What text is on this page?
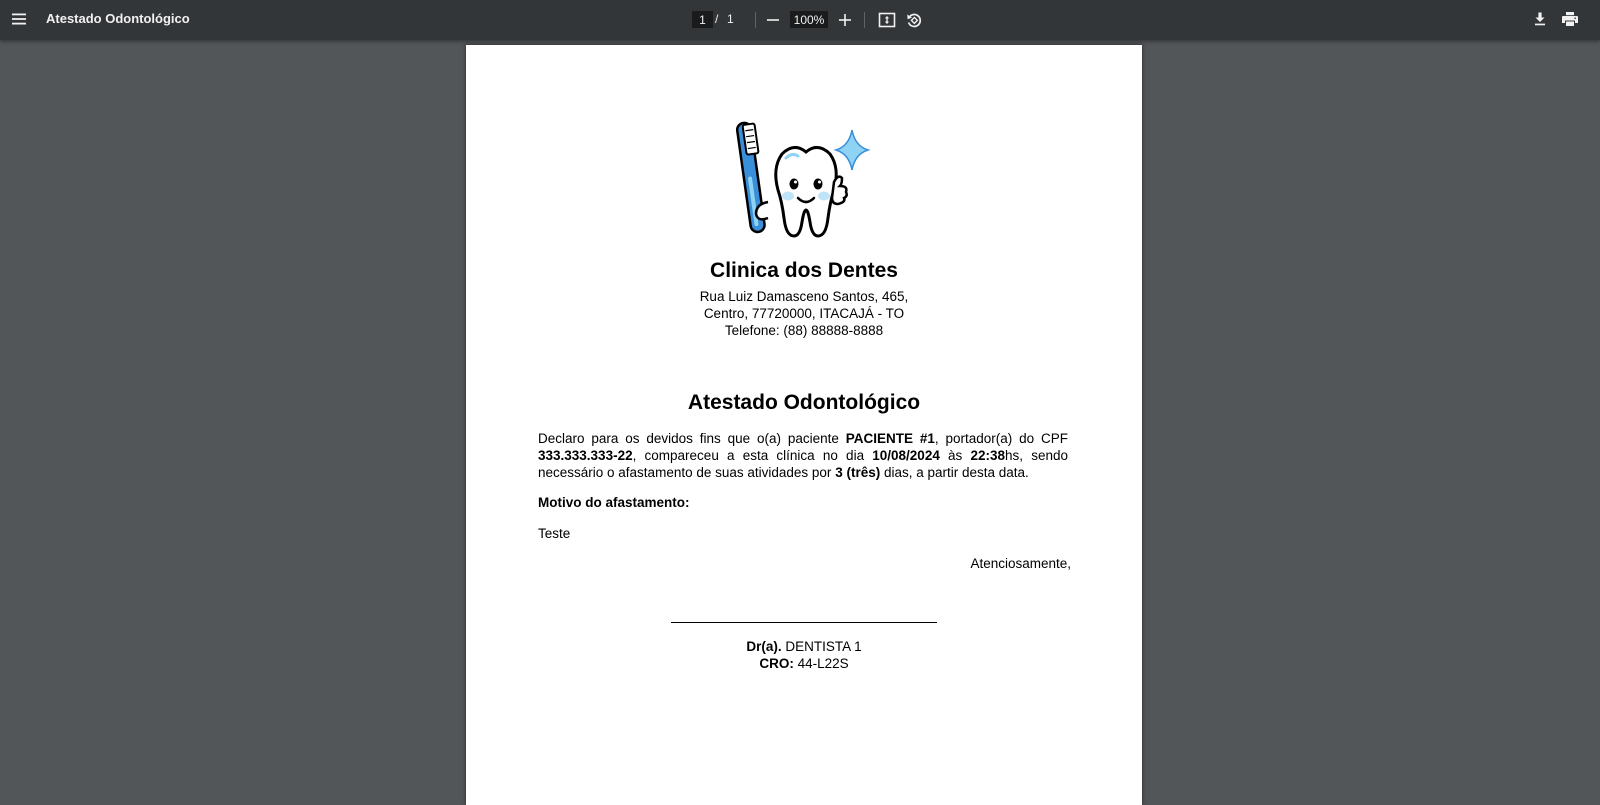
Atestado Odontológico
1	/ 1
100%
Clinica dos Dentes
Rua Luiz Damasceno Santos, 465,
Centro, 77720000, ITACAJÁ - TO
Telefone: (88) 88888-8888
Atestado Odontológico
Declaro para os devidos fins que o(a) paciente PACIENTE #1, portador(a) do CPF
333.333.333-22, compareceu a esta clínica no dia 10/08/2024 às 22:38hs, sendo
necessário o afastamento de suas atividades por 3 (três) dias, a partir desta data.
Motivo do afastamento:
Teste
Atenciosamente,
Dr(a). DENTISTA 1
CRO: 44-L22S
